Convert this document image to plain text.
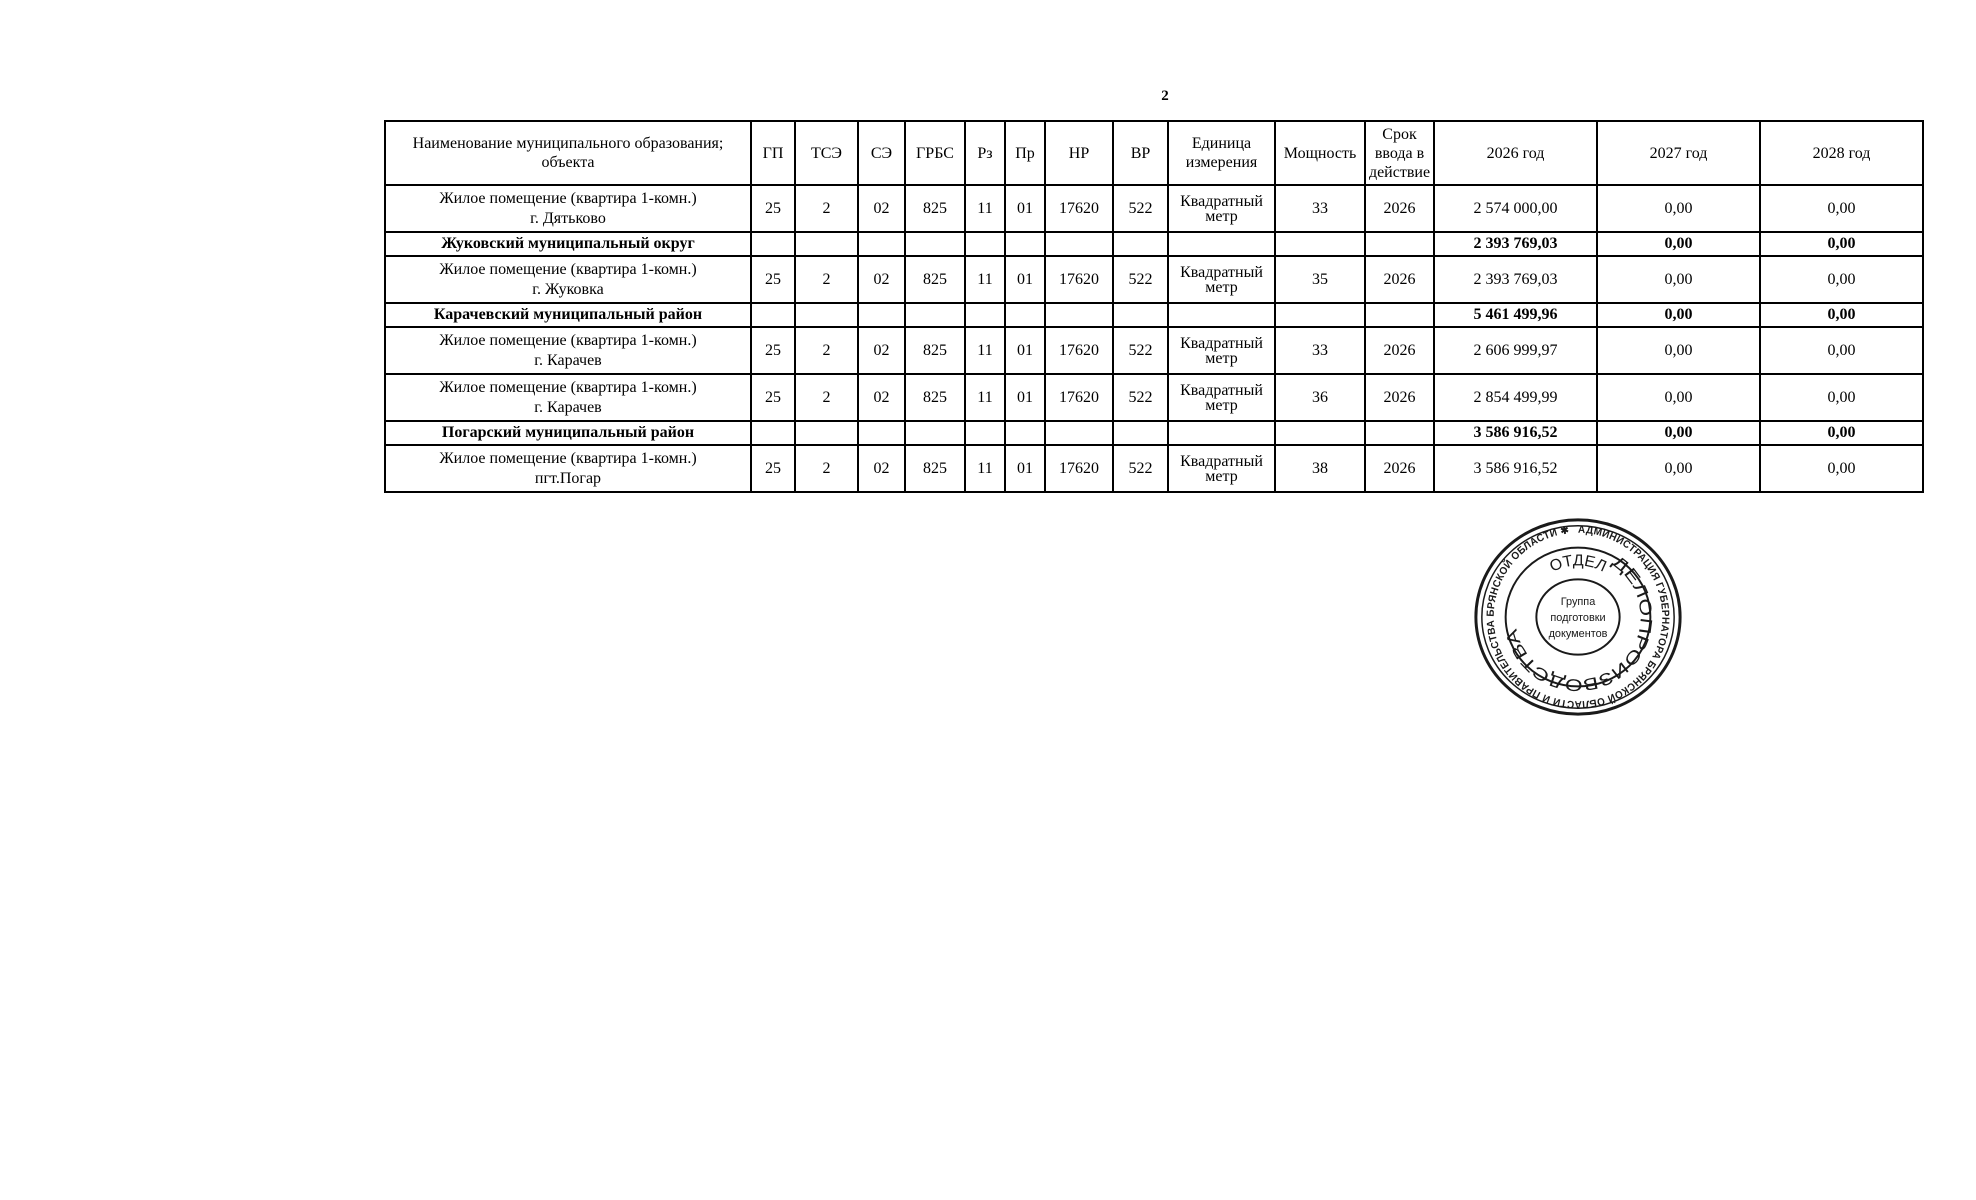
2
Наименование муниципального образования; объекта	ГП	ТСЭ	СЭ	ГРБС	Рз	Пр	НР	ВР	Единица измерения	Мощность	Срок ввода в действие	2026 год	2027 год	2028 год

Жилое помещение (квартира 1-комн.)
г. Дятьково	25	2	02	825	11	01	17620	522	Квадратный метр	33	2026	2 574 000,00	0,00	0,00
Жуковский муниципальный округ												2 393 769,03	0,00	0,00

Жилое помещение (квартира 1-комн.)
г. Жуковка	25	2	02	825	11	01	17620	522	Квадратный метр	35	2026	2 393 769,03	0,00	0,00
Карачевский муниципальный район												5 461 499,96	0,00	0,00

Жилое помещение (квартира 1-комн.)
г. Карачев	25	2	02	825	11	01	17620	522	Квадратный метр	33	2026	2 606 999,97	0,00	0,00

Жилое помещение (квартира 1-комн.)
г. Карачев	25	2	02	825	11	01	17620	522	Квадратный метр	36	2026	2 854 499,99	0,00	0,00
Погарский муниципальный район												3 586 916,52	0,00	0,00

Жилое помещение (квартира 1-комн.)
пгт.Погар	25	2	02	825	11	01	17620	522	Квадратный метр	38	2026	3 586 916,52	0,00	0,00
АДМИНИСТРАЦИЯ ГУБЕРНАТОРА БРЯНСКОЙ ОБЛАСТИ И ПРАВИТЕЛЬСТВА БРЯНСКОЙ ОБЛАСТИ ✱
ОТДЕЛ ДЕЛОПРОИЗВОДСТВА
Группа
подготовки
документов
